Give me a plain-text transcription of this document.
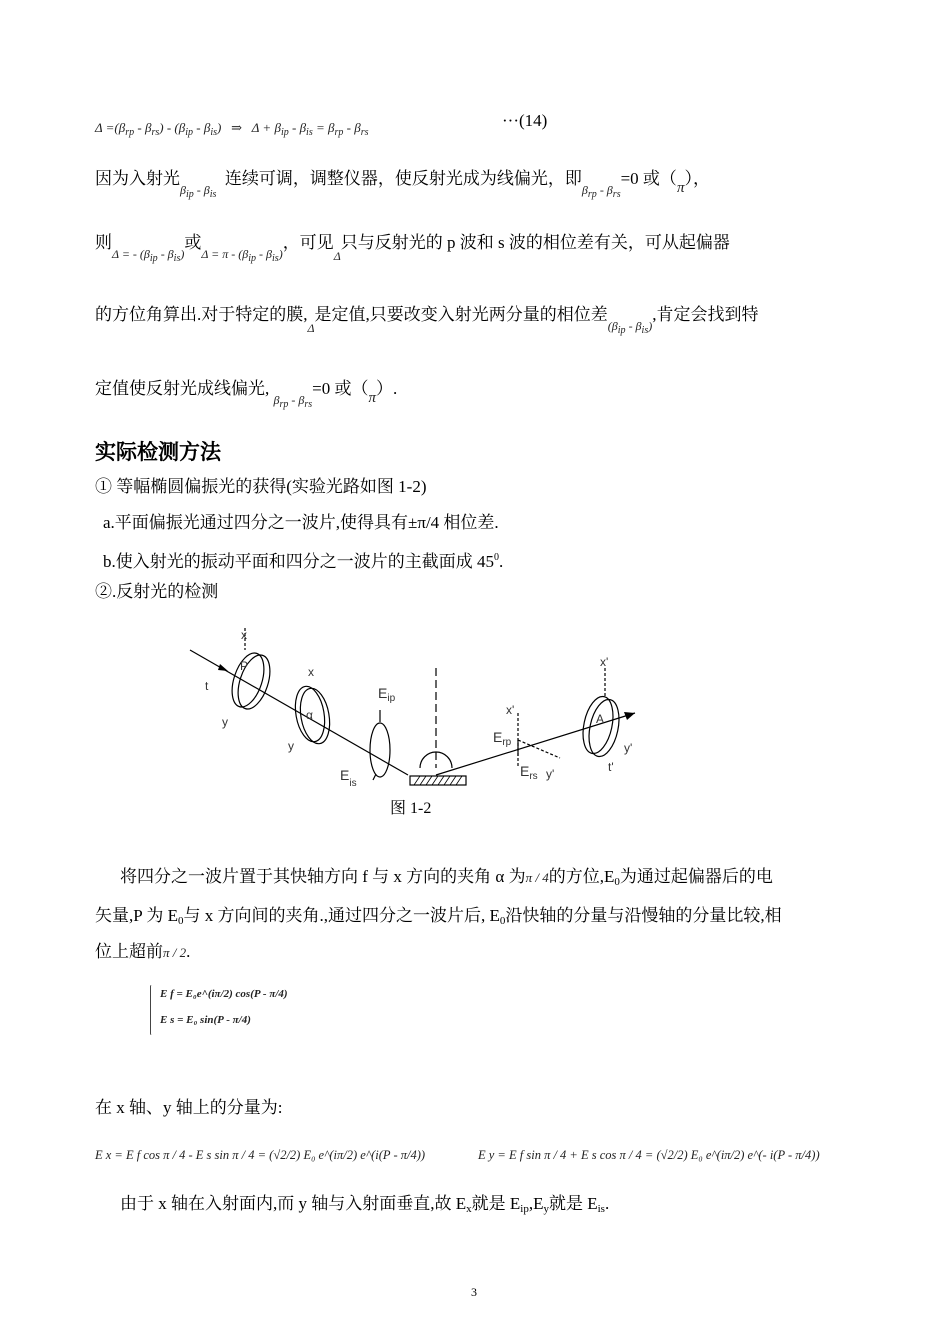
$\Delta =(\beta_{rp} - \beta_{rs}) - (\beta_{ip} - \beta_{is})$   ⇒   $\Delta + \beta_{ip} - \beta_{is} = \beta_{rp} - \beta_{rs}$
···(14)
因为入射光$_{\beta_{ip} - \beta_{is}}$  连续可调，调整仪器，使反射光成为线偏光，即$_{\beta_{rp} - \beta_{rs}}$=0 或（π），
则$_{\Delta = - (\beta_{ip} - \beta_{is})}$或$_{\Delta = \pi - (\beta_{ip} - \beta_{is})}$，可见$_\Delta$只与反射光的 p 波和 s 波的相位差有关，可从起偏器
的方位角算出.对于特定的膜$,_\Delta$是定值,只要改变入射光两分量的相位差$_{(\beta_{ip} - \beta_{is})}$,肯定会找到特
定值使反射光成线偏光, $_{\beta_{rp} - \beta_{rs}}$=0 或（π）.
实际检测方法
① 等幅椭圆偏振光的获得(实验光路如图 1-2)
a.平面偏振光通过四分之一波片,使得具有±π/4 相位差.
b.使入射光的振动平面和四分之一波片的主截面成 $45^0$.
②.反射光的检测
x
P
t
y
x
α
y
$E_{ip}$
$E_{is}$
x'
$E_{rp}$
$E_{rs}$ y'
x'
A
y'
t'
图 1-2
将四分之一波片置于其快轴方向 f 与 x 方向的夹角 α 为π / 4的方位$,E_0$为通过起偏器后的电
矢量,P 为 $E_0$与 x 方向间的夹角.,通过四分之一波片后, $E_0$沿快轴的分量与沿慢轴的分量比较,相
位上超前π / 2.
E f = E₀e^(iπ/2) cos(P - π/4)
E s = E₀ sin(P - π/4)
在 x 轴、y 轴上的分量为:
E x = E f cos π / 4 - E s sin π / 4 = (√2/2) E₀ e^(iπ/2) e^(i(P - π/4))	E y = E f sin π / 4 + E s cos π / 4 = (√2/2) E₀ e^(iπ/2) e^(- i(P - π/4))
由于 x 轴在入射面内,而 y 轴与入射面垂直,故 $E_x$就是 $E_{ip},E_y$就是 $E_{is}$.
3
